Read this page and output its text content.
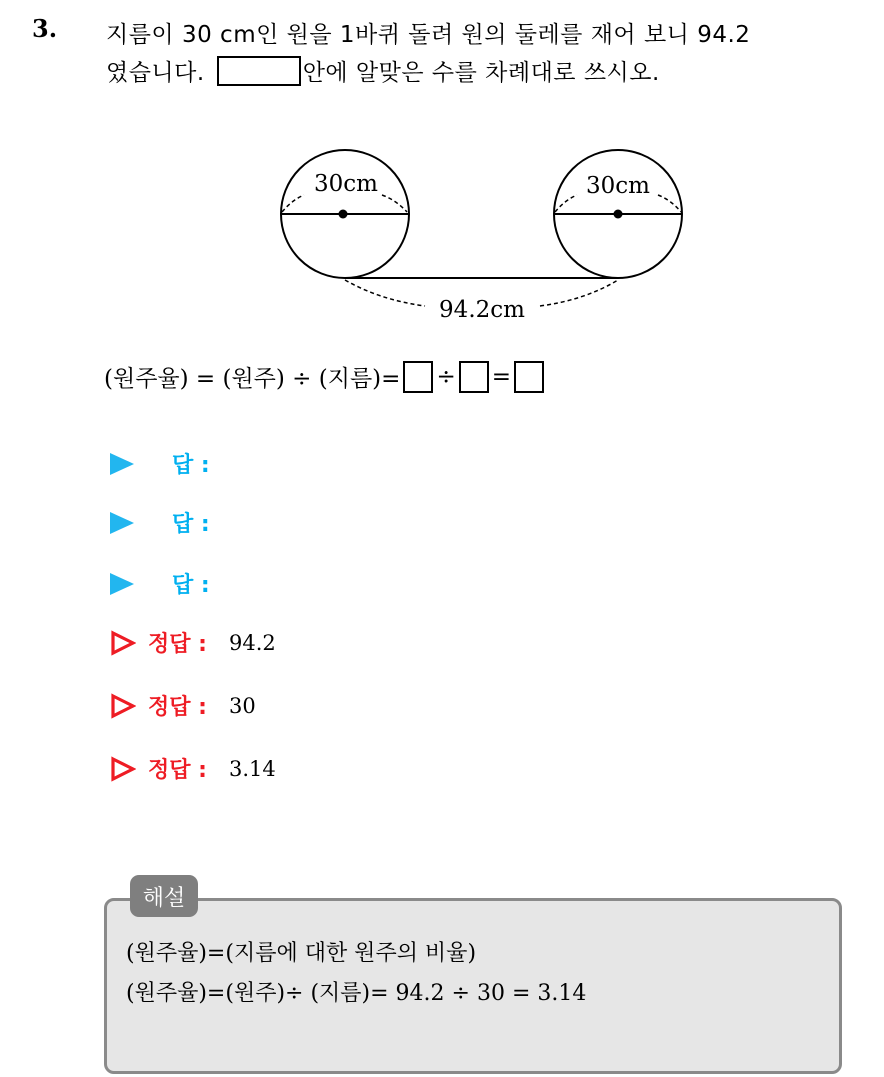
3. 지름이 30 cm인 원을 1바퀴 돌려 원의 둘레를 재어 보니 94.2
였습니다.	안에 알맞은 수를 차례대로 쓰시오.
30cm	30cm
94.2cm
(원주율) = (원주) ÷ (지름)= ÷ =
답 :
답 :
답 :
정답 : 94.2
정답 : 30
정답 : 3.14
해설
(원주율)=(지름에 대한 원주의 비율)
(원주율)=(원주)÷ (지름)= 94.2 ÷ 30 = 3.14
